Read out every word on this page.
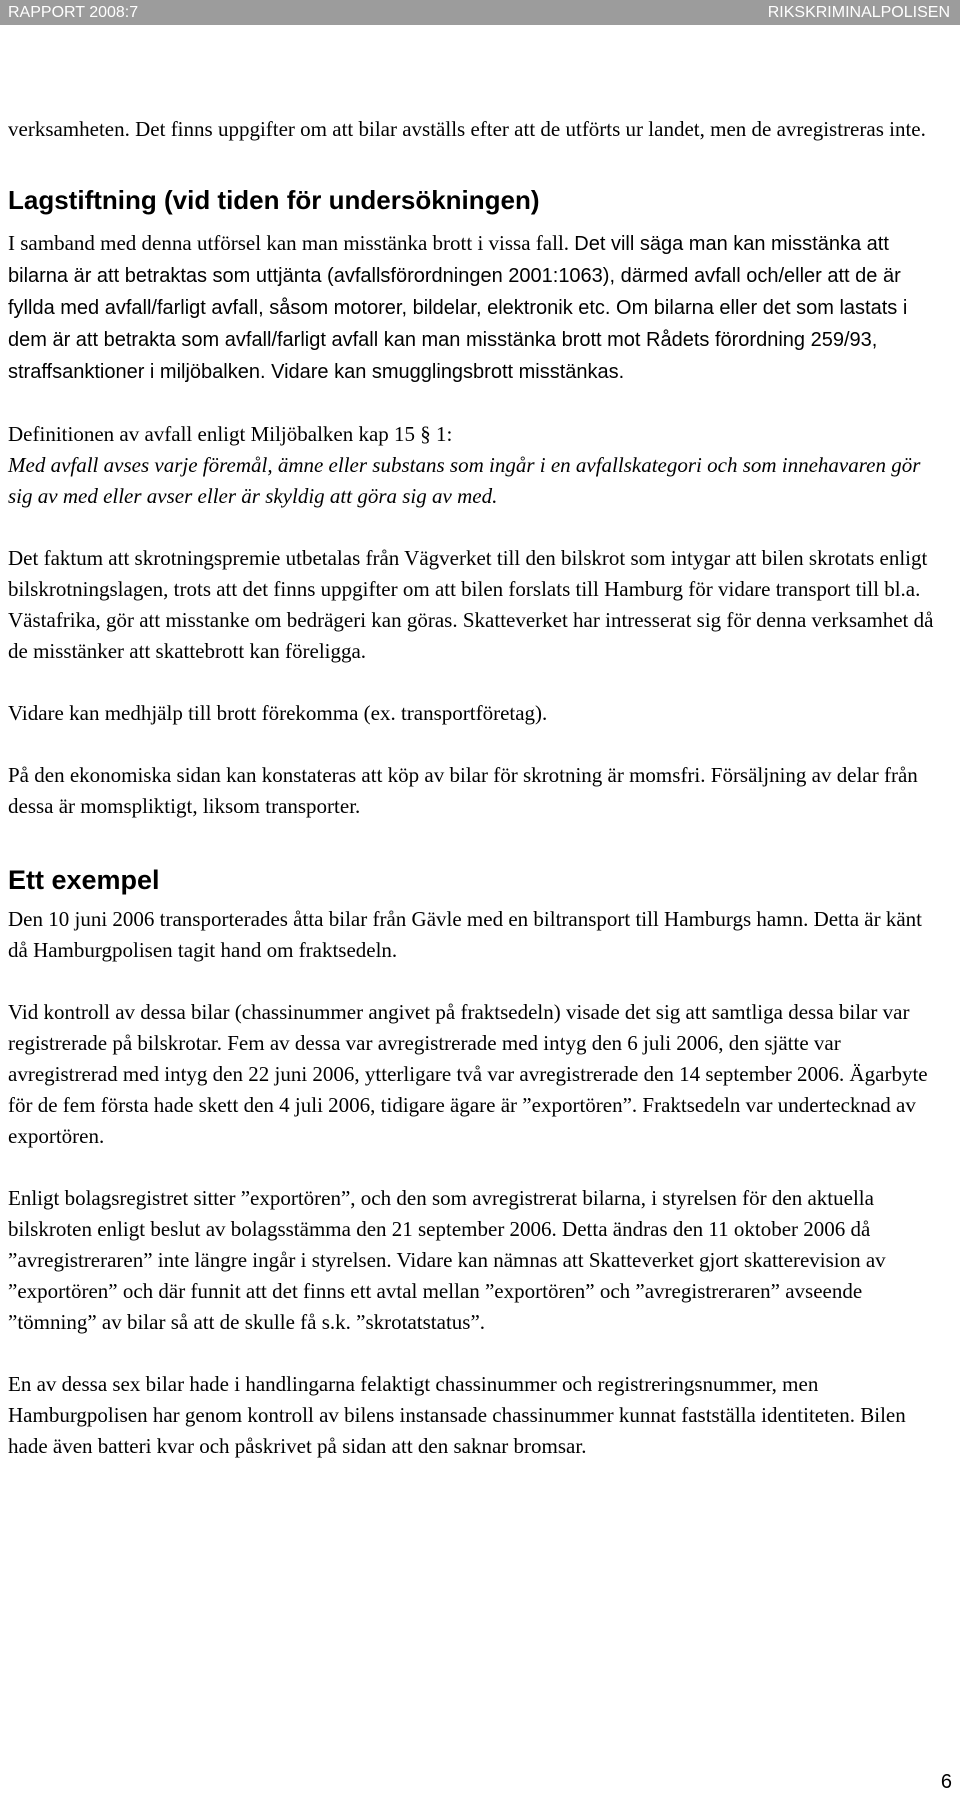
RAPPORT 2008:7	RIKSKRIMINALPOLISEN

verksamheten. Det finns uppgifter om att bilar avställs efter att de utförts ur landet, men de avregistreras inte.

Lagstiftning (vid tiden för undersökningen)

I samband med denna utförsel kan man misstänka brott i vissa fall. Det vill säga man kan misstänka att bilarna är att betraktas som uttjänta (avfallsförordningen 2001:1063), därmed avfall och/eller att de är fyllda med avfall/farligt avfall, såsom motorer, bildelar, elektronik etc. Om bilarna eller det som lastats i dem är att betrakta som avfall/farligt avfall kan man misstänka brott mot Rådets förordning 259/93, straffsanktioner i miljöbalken. Vidare kan smugglingsbrott misstänkas.

Definitionen av avfall enligt Miljöbalken kap 15 § 1:

Med avfall avses varje föremål, ämne eller substans som ingår i en avfallskategori och som innehavaren gör sig av med eller avser eller är skyldig att göra sig av med.

Det faktum att skrotningspremie utbetalas från Vägverket till den bilskrot som intygar att bilen skrotats enligt bilskrotningslagen, trots att det finns uppgifter om att bilen forslats till Hamburg för vidare transport till bl.a. Västafrika, gör att misstanke om bedrägeri kan göras. Skatteverket har intresserat sig för denna verksamhet då de misstänker att skattebrott kan föreligga.

Vidare kan medhjälp till brott förekomma (ex. transportföretag).

På den ekonomiska sidan kan konstateras att köp av bilar för skrotning är momsfri. Försäljning av delar från dessa är momspliktigt, liksom transporter.

Ett exempel

Den 10 juni 2006 transporterades åtta bilar från Gävle med en biltransport till Hamburgs hamn. Detta är känt då Hamburgpolisen tagit hand om fraktsedeln.

Vid kontroll av dessa bilar (chassinummer angivet på fraktsedeln) visade det sig att samtliga dessa bilar var registrerade på bilskrotar. Fem av dessa var avregistrerade med intyg den 6 juli 2006, den sjätte var avregistrerad med intyg den 22 juni 2006, ytterligare två var avregistrerade den 14 september 2006. Ägarbyte för de fem första hade skett den 4 juli 2006, tidigare ägare är ”exportören”. Fraktsedeln var undertecknad av exportören.

Enligt bolagsregistret sitter ”exportören”, och den som avregistrerat bilarna, i styrelsen för den aktuella bilskroten enligt beslut av bolagsstämma den 21 september 2006. Detta ändras den 11 oktober 2006 då ”avregistreraren” inte längre ingår i styrelsen. Vidare kan nämnas att Skatteverket gjort skatterevision av ”exportören” och där funnit att det finns ett avtal mellan ”exportören” och ”avregistreraren” avseende ”tömning” av bilar så att de skulle få s.k. ”skrotatstatus”.

En av dessa sex bilar hade i handlingarna felaktigt chassinummer och registreringsnummer, men Hamburgpolisen har genom kontroll av bilens instansade chassinummer kunnat fastställa identiteten. Bilen hade även batteri kvar och påskrivet på sidan att den saknar bromsar.

6
